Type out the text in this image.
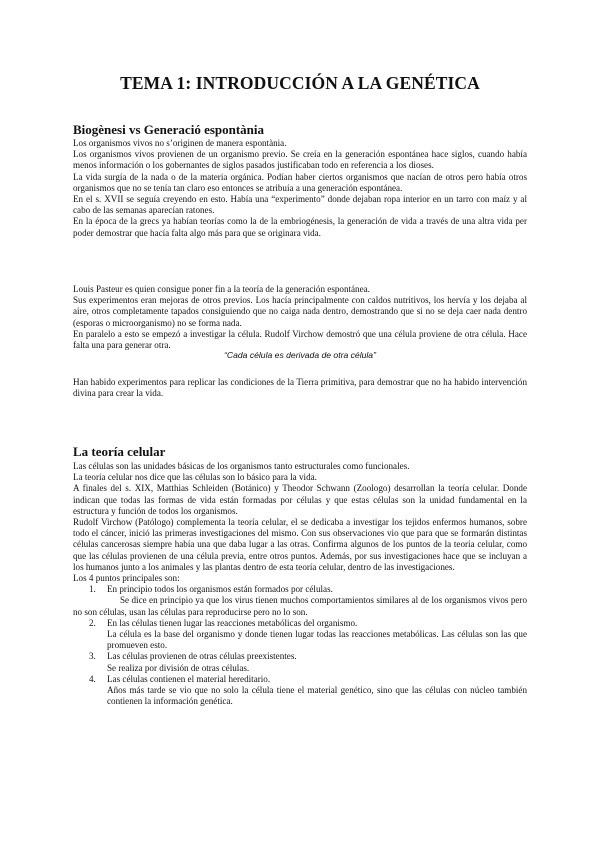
TEMA 1: INTRODUCCIÓN A LA GENÉTICA
Biogènesi vs Generació espontània

Los organismos vivos no s’originen de manera espontània.

Los organismos vivos provienen de un organismo previo. Se creía en la generación espontánea hace siglos, cuando había menos información o los gobernantes de siglos pasados justificaban todo en referencia a los dioses.

La vida surgía de la nada o de la materia orgánica. Podían haber ciertos organismos que nacían de otros pero había otros organismos que no se tenía tan claro eso entonces se atribuía a una generación espontánea.

En el s. XVII se seguía creyendo en esto. Había una “experimento” donde dejaban ropa interior en un tarro con maíz y al cabo de las semanas aparecían ratones.

En la época de la grecs ya habían teorías como la de la embriogénesis, la generación de vida a través de una altra vida per poder demostrar que hacía falta algo más para que se originara vida.

Louis Pasteur es quien consigue poner fin a la teoría de la generación espontánea.

Sus experimentos eran mejoras de otros previos. Los hacía principalmente con caldos nutritivos, los hervía y los dejaba al aire, otros completamente tapados consiguiendo que no caiga nada dentro, demostrando que si no se deja caer nada dentro (esporas o microorganismo) no se forma nada.

En paralelo a esto se empezó a investigar la célula. Rudolf Virchow demostró que una célula proviene de otra célula. Hace falta una para generar otra.

“Cada célula es derivada de otra célula”

Han habido experimentos para replicar las condiciones de la Tierra primitiva, para demostrar que no ha habido intervención divina para crear la vida.

La teoría celular

Las células son las unidades básicas de los organismos tanto estructurales como funcionales.

La teoría celular nos dice que las células son lo básico para la vida.

A finales del s. XIX, Matthias Schleiden (Botánico) y Theodor Schwann (Zoologo) desarrollan la teoría celular. Donde indican que todas las formas de vida están formadas por células y que estas células son la unidad fundamental en la estructura y función de todos los organismos.

Rudolf Virchow (Patólogo) complementa la teoría celular, el se dedicaba a investigar los tejidos enfermos humanos, sobre todo el cáncer, inició las primeras investigaciones del mismo. Con sus observaciones vio que para que se formarán distintas células cancerosas siempre había una que daba lugar a las otras. Confirma algunos de los puntos de la teoría celular, como que las células provienen de una célula previa, entre otros puntos. Además, por sus investigaciones hace que se incluyan a los humanos junto a los animales y las plantas dentro de esta teoría celular, dentro de las investigaciones.

Los 4 puntos principales son:

1. En principio todos los organismos están formados por células.
Se dice en principio ya que los virus tienen muchos comportamientos similares al de los organismos vivos pero no son células, usan las células para reproducirse pero no lo son.
2. En las células tienen lugar las reacciones metabólicas del organismo.
La célula es la base del organismo y donde tienen lugar todas las reacciones metabólicas. Las células son las que promueven esto.
3. Las células provienen de otras células preexistentes.
Se realiza por división de otras células.
4. Las células contienen el material hereditario.
Años más tarde se vio que no solo la célula tiene el material genético, sino que las células con núcleo también contienen la información genética.
